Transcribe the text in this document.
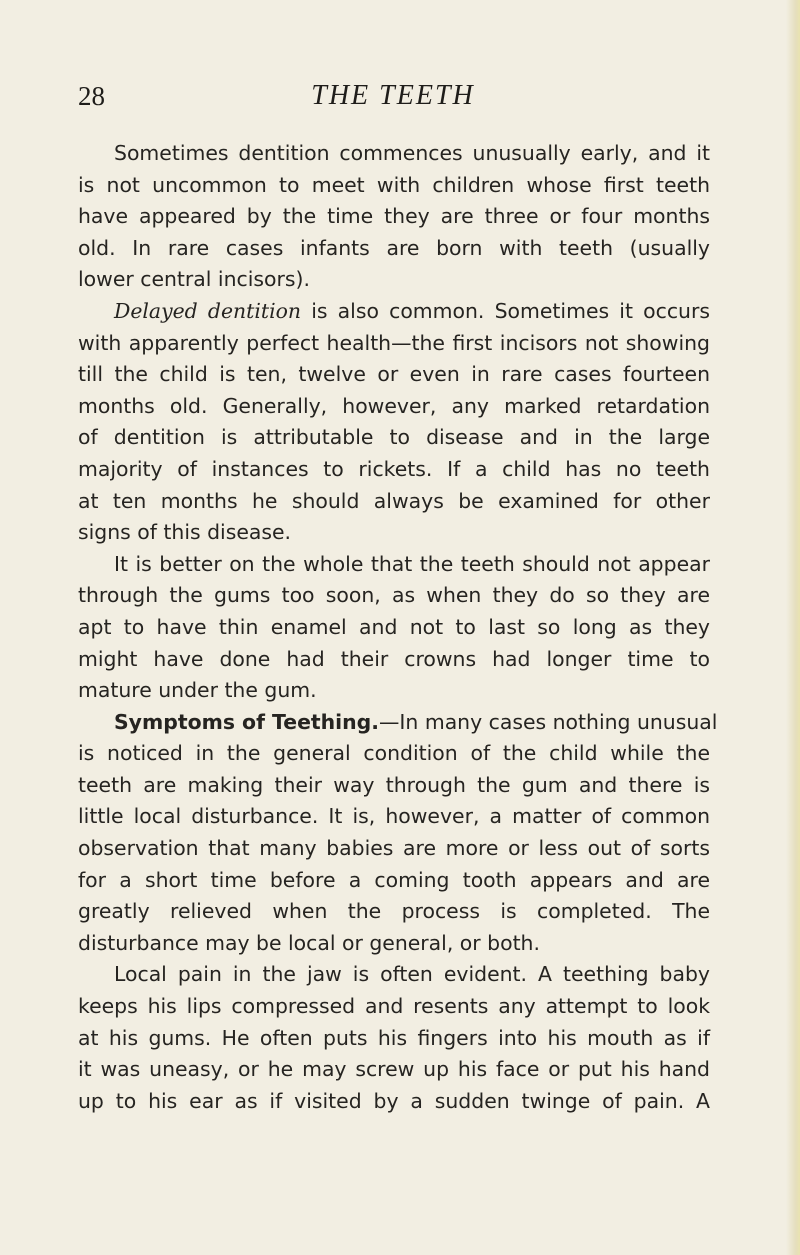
28	THE TEETH
Sometimes dentition commences unusually early, and it
is not uncommon to meet with children whose first teeth
have appeared by the time they are three or four months
old. In rare cases infants are born with teeth (usually
lower central incisors).
Delayed dentition is also common. Sometimes it occurs
with apparently perfect health—the first incisors not showing
till the child is ten, twelve or even in rare cases fourteen
months old. Generally, however, any marked retardation
of dentition is attributable to disease and in the large
majority of instances to rickets. If a child has no teeth
at ten months he should always be examined for other
signs of this disease.
It is better on the whole that the teeth should not appear
through the gums too soon, as when they do so they are
apt to have thin enamel and not to last so long as they
might have done had their crowns had longer time to
mature under the gum.
Symptoms of Teething.—In many cases nothing unusual
is noticed in the general condition of the child while the
teeth are making their way through the gum and there is
little local disturbance. It is, however, a matter of common
observation that many babies are more or less out of sorts
for a short time before a coming tooth appears and are
greatly relieved when the process is completed. The
disturbance may be local or general, or both.
Local pain in the jaw is often evident. A teething baby
keeps his lips compressed and resents any attempt to look
at his gums. He often puts his fingers into his mouth as if
it was uneasy, or he may screw up his face or put his hand
up to his ear as if visited by a sudden twinge of pain. A
